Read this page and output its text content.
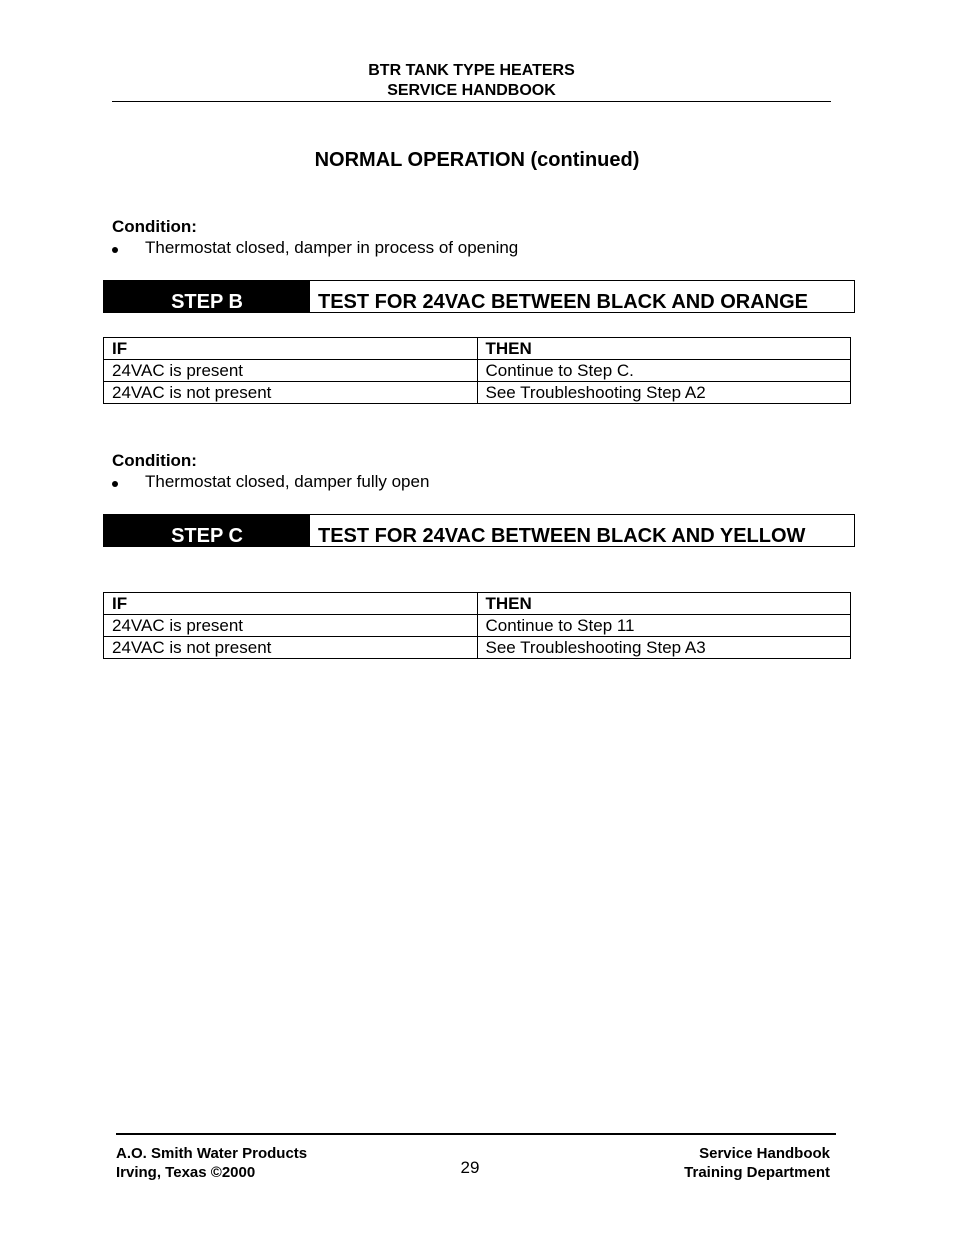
BTR TANK TYPE HEATERS
SERVICE HANDBOOK
NORMAL OPERATION (continued)
Condition:
Thermostat closed, damper in process of opening
STEP B	TEST FOR 24VAC BETWEEN BLACK AND ORANGE
IF	THEN
24VAC is present	Continue to Step C.
24VAC is not present	See Troubleshooting Step A2
Condition:
Thermostat closed, damper fully open
STEP C	TEST FOR 24VAC BETWEEN BLACK AND YELLOW
IF	THEN
24VAC is present	Continue to Step 11
24VAC is not present	See Troubleshooting Step A3
A.O. Smith Water Products
Irving, Texas ©2000	29
Service Handbook
Training Department
